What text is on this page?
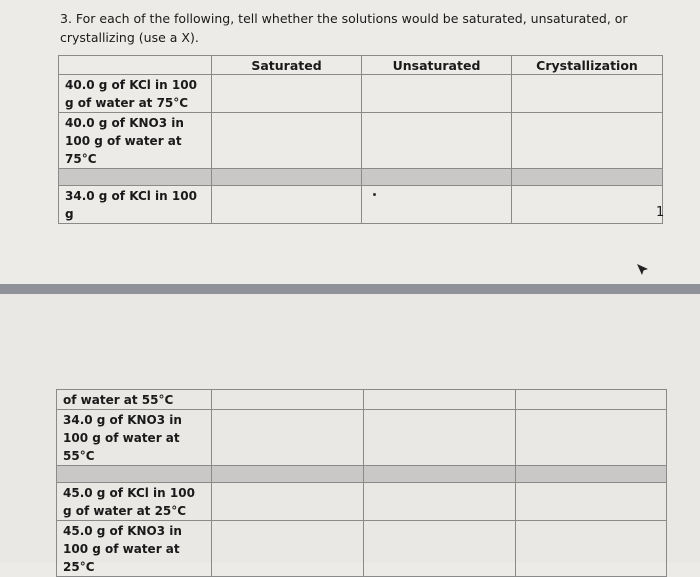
3. For each of the following, tell whether the solutions would be saturated, unsaturated, or crystallizing (use a X).
	Saturated	Unsaturated	Crystallization
40.0 g of KCl in 100 g of water at 75°C			
40.0 g of KNO3 in 100 g of water at 75°C			

34.0 g of KCl in 100 g				1
of water at 55°C			
34.0 g of KNO3 in 100 g of water at 55°C			

45.0 g of KCl in 100 g of water at 25°C			
45.0 g of KNO3 in 100 g of water at 25°C			
